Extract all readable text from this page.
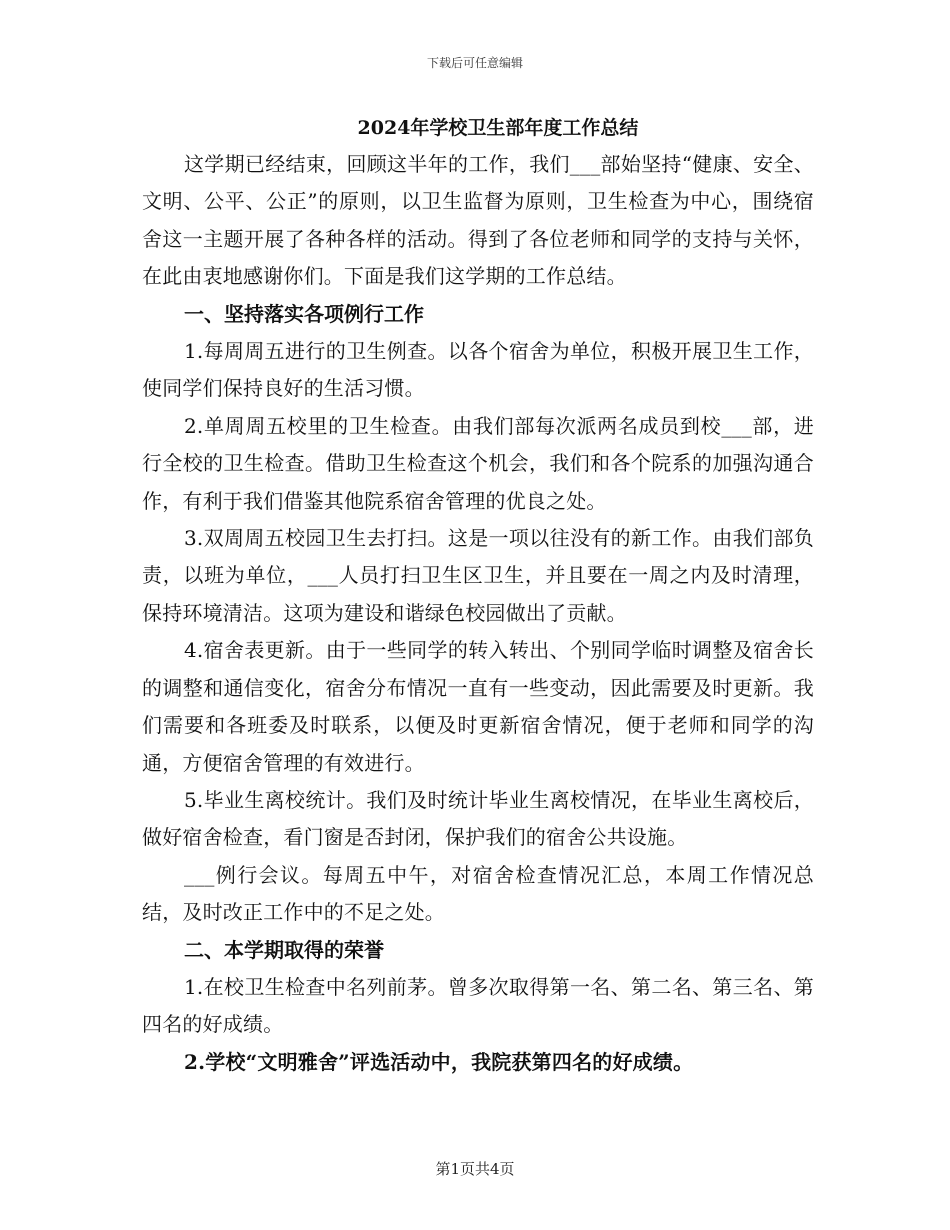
下载后可任意编辑

2024年学校卫生部年度工作总结

这学期已经结束，回顾这半年的工作，我们___部始坚持“健康、安全、文明、公平、公正”的原则，以卫生监督为原则，卫生检查为中心，围绕宿舍这一主题开展了各种各样的活动。得到了各位老师和同学的支持与关怀，在此由衷地感谢你们。下面是我们这学期的工作总结。

一、坚持落实各项例行工作

1.每周周五进行的卫生例查。以各个宿舍为单位，积极开展卫生工作，使同学们保持良好的生活习惯。

2.单周周五校里的卫生检查。由我们部每次派两名成员到校___部，进行全校的卫生检查。借助卫生检查这个机会，我们和各个院系的加强沟通合作，有利于我们借鉴其他院系宿舍管理的优良之处。

3.双周周五校园卫生去打扫。这是一项以往没有的新工作。由我们部负责，以班为单位，___人员打扫卫生区卫生，并且要在一周之内及时清理，保持环境清洁。这项为建设和谐绿色校园做出了贡献。

4.宿舍表更新。由于一些同学的转入转出、个别同学临时调整及宿舍长的调整和通信变化，宿舍分布情况一直有一些变动，因此需要及时更新。我们需要和各班委及时联系，以便及时更新宿舍情况，便于老师和同学的沟通，方便宿舍管理的有效进行。

5.毕业生离校统计。我们及时统计毕业生离校情况，在毕业生离校后，做好宿舍检查，看门窗是否封闭，保护我们的宿舍公共设施。

___例行会议。每周五中午，对宿舍检查情况汇总，本周工作情况总结，及时改正工作中的不足之处。

二、本学期取得的荣誉

1.在校卫生检查中名列前茅。曾多次取得第一名、第二名、第三名、第四名的好成绩。

2.学校“文明雅舍”评选活动中，我院获第四名的好成绩。

第1页共4页
